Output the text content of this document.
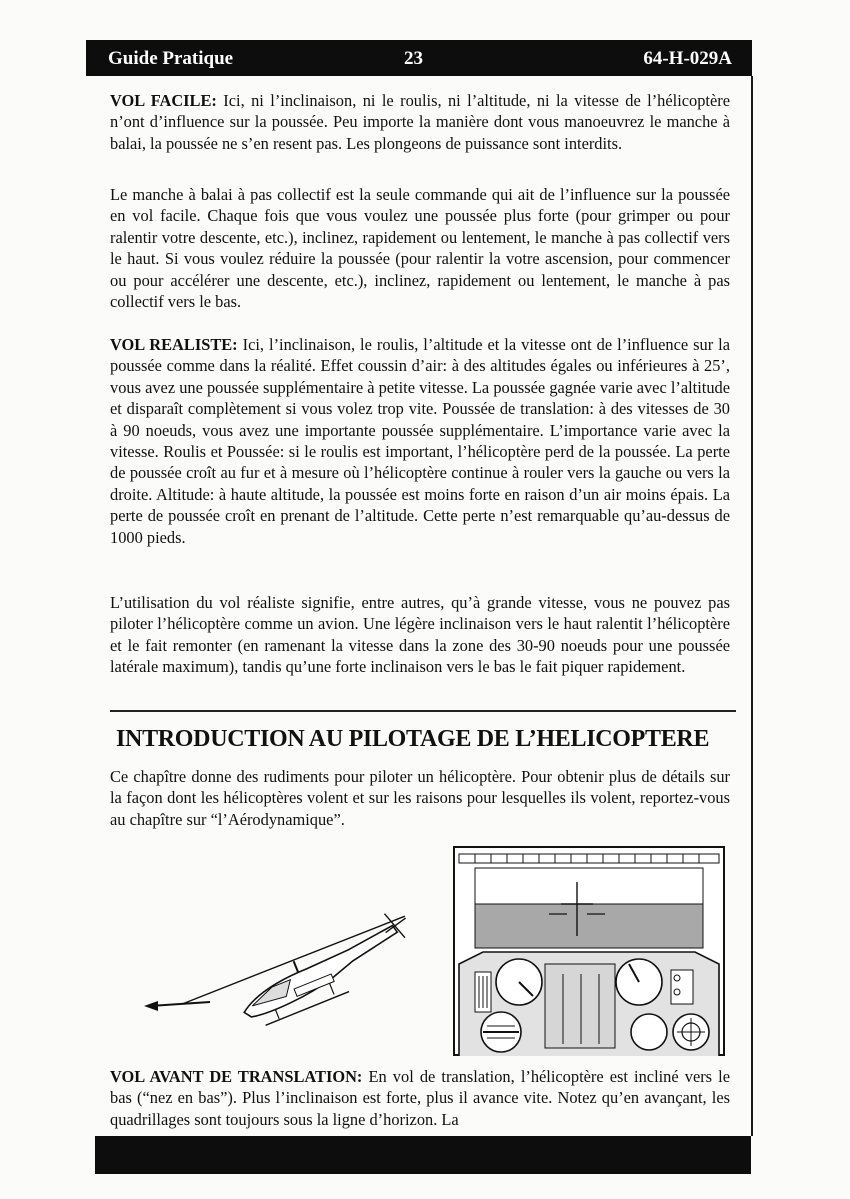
Guide Pratique	23	64-H-029A

VOL FACILE: Ici, ni l’inclinaison, ni le roulis, ni l’altitude, ni la vitesse de l’hélicoptère n’ont d’influence sur la poussée. Peu importe la manière dont vous manoeuvrez le manche à balai, la poussée ne s’en resent pas. Les plongeons de puissance sont interdits.

Le manche à balai à pas collectif est la seule commande qui ait de l’influence sur la poussée en vol facile. Chaque fois que vous voulez une poussée plus forte (pour grimper ou pour ralentir votre descente, etc.), inclinez, rapidement ou lentement, le manche à pas collectif vers le haut. Si vous voulez réduire la poussée (pour ralentir la votre ascension, pour commencer ou pour accélérer une descente, etc.), inclinez, rapidement ou lentement, le manche à pas collectif vers le bas.

VOL REALISTE: Ici, l’inclinaison, le roulis, l’altitude et la vitesse ont de l’influence sur la poussée comme dans la réalité. Effet coussin d’air: à des altitudes égales ou inférieures à 25’, vous avez une poussée supplémentaire à petite vitesse. La poussée gagnée varie avec l’altitude et disparaît complètement si vous volez trop vite. Poussée de translation: à des vitesses de 30 à 90 noeuds, vous avez une importante poussée supplémentaire. L’importance varie avec la vitesse. Roulis et Poussée: si le roulis est important, l’hélicoptère perd de la poussée. La perte de poussée croît au fur et à mesure où l’hélicoptère continue à rouler vers la gauche ou vers la droite. Altitude: à haute altitude, la poussée est moins forte en raison d’un air moins épais. La perte de poussée croît en prenant de l’altitude. Cette perte n’est remarquable qu’au-dessus de 1000 pieds.

L’utilisation du vol réaliste signifie, entre autres, qu’à grande vitesse, vous ne pouvez pas piloter l’hélicoptère comme un avion. Une légère inclinaison vers le haut ralentit l’hélicoptère et le fait remonter (en ramenant la vitesse dans la zone des 30-90 noeuds pour une poussée latérale maximum), tandis qu’une forte inclinaison vers le bas le fait piquer rapidement.

INTRODUCTION AU PILOTAGE DE L’HELICOPTERE

Ce chapître donne des rudiments pour piloter un hélicoptère. Pour obtenir plus de détails sur la façon dont les hélicoptères volent et sur les raisons pour lesquelles ils volent, reportez-vous au chapître sur “l’Aérodynamique”.

VOL AVANT DE TRANSLATION: En vol de translation, l’hélicoptère est incliné vers le bas (“nez en bas”). Plus l’inclinaison est forte, plus il avance vite. Notez qu’en avançant, les quadrillages sont toujours sous la ligne d’horizon. La
